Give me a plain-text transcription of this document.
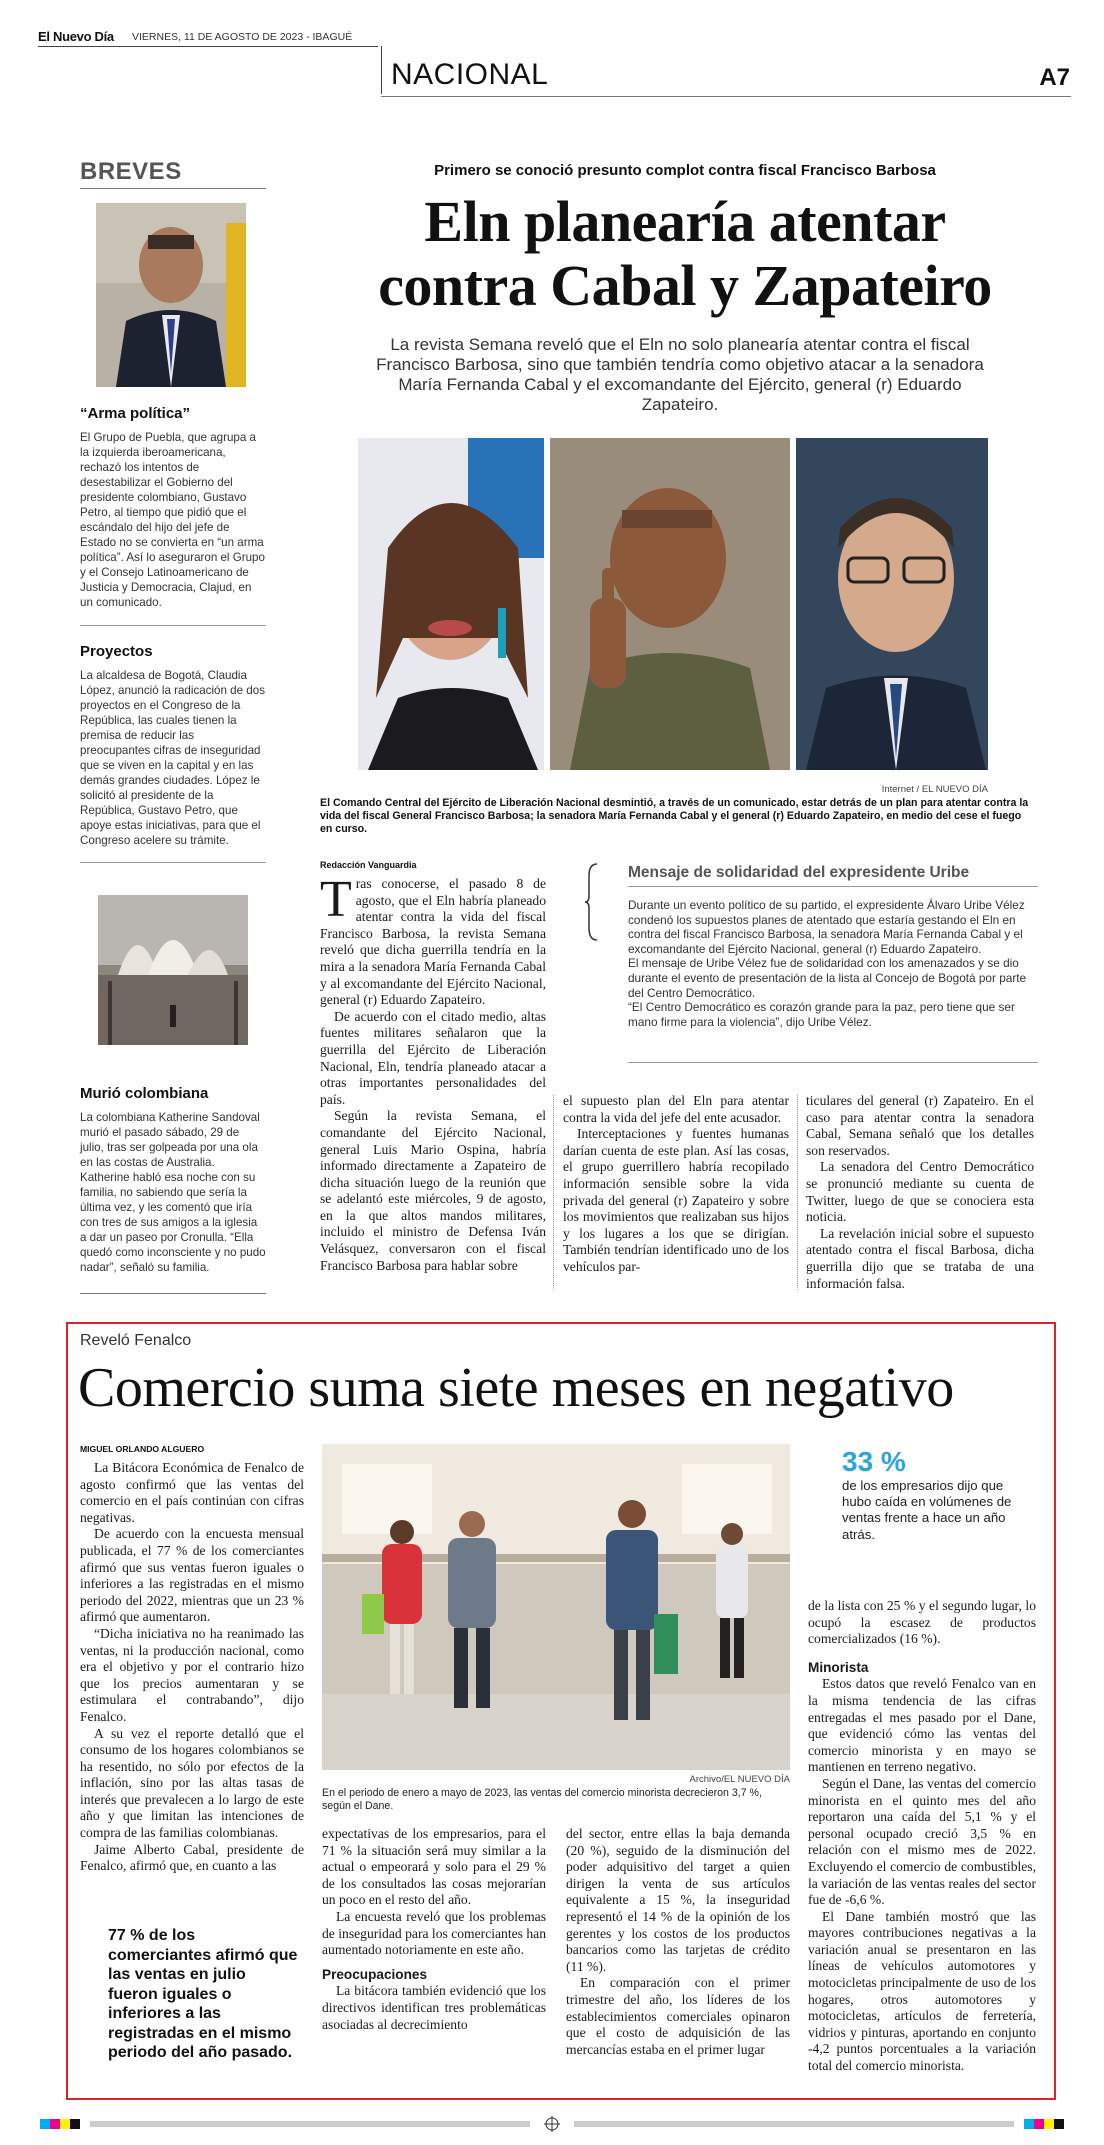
El Nuevo Día VIERNES, 11 DE AGOSTO DE 2023 - IBAGUÉ
NACIONAL	A7
BREVES
“Arma política”
El Grupo de Puebla, que agrupa a la izquierda iberoamericana, rechazó los intentos de desestabilizar el Gobierno del presidente colombiano, Gustavo Petro, al tiempo que pidió que el escándalo del hijo del jefe de Estado no se convierta en “un arma política”. Así lo aseguraron el Grupo y el Consejo Latinoamericano de Justicia y Democracia, Clajud, en un comunicado.
Proyectos
La alcaldesa de Bogotá, Claudia López, anunció la radicación de dos proyectos en el Congreso de la República, las cuales tienen la premisa de reducir las preocupantes cifras de inseguridad que se viven en la capital y en las demás grandes ciudades. López le solicitó al presidente de la República, Gustavo Petro, que apoye estas iniciativas, para que el Congreso acelere su trámite.
Murió colombiana
La colombiana Katherine Sandoval murió el pasado sábado, 29 de julio, tras ser golpeada por una ola en las costas de Australia. Katherine habló esa noche con su familia, no sabiendo que sería la última vez, y les comentó que iría con tres de sus amigos a la iglesia a dar un paseo por Cronulla. “Ella quedó como inconsciente y no pudo nadar”, señaló su familia.
Primero se conoció presunto complot contra fiscal Francisco Barbosa
Eln planearía atentar
contra Cabal y Zapateiro
La revista Semana reveló que el Eln no solo planearía atentar contra el fiscal Francisco Barbosa, sino que también tendría como objetivo atacar a la senadora María Fernanda Cabal y el excomandante del Ejército, general (r) Eduardo Zapateiro.
Internet / EL NUEVO DÍA
El Comando Central del Ejército de Liberación Nacional desmintió, a través de un comunicado, estar detrás de un plan para atentar contra la vida del fiscal General Francisco Barbosa; la senadora María Fernanda Cabal y el general (r) Eduardo Zapateiro, en medio del cese el fuego en curso.
Redacción Vanguardia

Tras conocerse, el pasado 8 de agosto, que el Eln habría planeado atentar contra la vida del fiscal Francisco Barbosa, la revista Semana reveló que dicha guerrilla tendría en la mira a la senadora María Fernanda Cabal y al excomandante del Ejército Nacional, general (r) Eduardo Zapateiro.

De acuerdo con el citado medio, altas fuentes militares señalaron que la guerrilla del Ejército de Liberación Nacional, Eln, tendría planeado atacar a otras importantes personalidades del país.

Según la revista Semana, el comandante del Ejército Nacional, general Luis Mario Ospina, habría informado directamente a Zapateiro de dicha situación luego de la reunión que se adelantó este miércoles, 9 de agosto, en la que altos mandos militares, incluido el ministro de Defensa Iván Velásquez, conversaron con el fiscal Francisco Barbosa para hablar sobre

el supuesto plan del Eln para atentar contra la vida del jefe del ente acusador.

Interceptaciones y fuentes humanas darían cuenta de este plan. Así las cosas, el grupo guerrillero habría recopilado información sensible sobre la vida privada del general (r) Zapateiro y sobre los movimientos que realizaban sus hijos y los lugares a los que se dirigían. También tendrían identificado uno de los vehículos par-

ticulares del general (r) Zapateiro. En el caso para atentar contra la senadora Cabal, Semana señaló que los detalles son reservados.

La senadora del Centro Democrático se pronunció mediante su cuenta de Twitter, luego de que se conociera esta noticia.

La revelación inicial sobre el supuesto atentado contra el fiscal Barbosa, dicha guerrilla dijo que se trataba de una información falsa.

Mensaje de solidaridad del expresidente Uribe

Durante un evento político de su partido, el expresidente Álvaro Uribe Vélez condenó los supuestos planes de atentado que estaría gestando el Eln en contra del fiscal Francisco Barbosa, la senadora María Fernanda Cabal y el excomandante del Ejército Nacional, general (r) Eduardo Zapateiro.

El mensaje de Uribe Vélez fue de solidaridad con los amenazados y se dio durante el evento de presentación de la lista al Concejo de Bogotá por parte del Centro Democrático.

“El Centro Democrático es corazón grande para la paz, pero tiene que ser mano firme para la violencia”, dijo Uribe Vélez.

Reveló Fenalco
Comercio suma siete meses en negativo
MIGUEL ORLANDO ALGUERO

La Bitácora Económica de Fenalco de agosto confirmó que las ventas del comercio en el país continúan con cifras negativas.

De acuerdo con la encuesta mensual publicada, el 77 % de los comerciantes afirmó que sus ventas fueron iguales o inferiores a las registradas en el mismo periodo del 2022, mientras que un 23 % afirmó que aumentaron.

“Dicha iniciativa no ha reanimado las ventas, ni la producción nacional, como era el objetivo y por el contrario hizo que los precios aumentaran y se estimulara el contrabando”, dijo Fenalco.

A su vez el reporte detalló que el consumo de los hogares colombianos se ha resentido, no sólo por efectos de la inflación, sino por las altas tasas de interés que prevalecen a lo largo de este año y que limitan las intenciones de compra de las familias colombianas.

Jaime Alberto Cabal, presidente de Fenalco, afirmó que, en cuanto a las

77 % de los comerciantes afirmó que las ventas en julio fueron iguales o inferiores a las registradas en el mismo periodo del año pasado.
Archivo/EL NUEVO DÍA
En el periodo de enero a mayo de 2023, las ventas del comercio minorista decrecieron 3,7 %, según el Dane.

expectativas de los empresarios, para el 71 % la situación será muy similar a la actual o empeorará y solo para el 29 % de los consultados las cosas mejorarían un poco en el resto del año.

La encuesta reveló que los problemas de inseguridad para los comerciantes han aumentado notoriamente en este año.

Preocupaciones

La bitácora también evidenció que los directivos identifican tres problemáticas asociadas al decrecimiento

del sector, entre ellas la baja demanda (20 %), seguido de la disminución del poder adquisitivo del target a quien dirigen la venta de sus artículos equivalente a 15 %, la inseguridad representó el 14 % de la opinión de los gerentes y los costos de los productos bancarios como las tarjetas de crédito (11 %).

En comparación con el primer trimestre del año, los líderes de los establecimientos comerciales opinaron que el costo de adquisición de las mercancías estaba en el primer lugar

33 %
de los empresarios dijo que hubo caída en volúmenes de ventas frente a hace un año atrás.

de la lista con 25 % y el segundo lugar, lo ocupó la escasez de productos comercializados (16 %).

Minorista

Estos datos que reveló Fenalco van en la misma tendencia de las cifras entregadas el mes pasado por el Dane, que evidenció cómo las ventas del comercio minorista y en mayo se mantienen en terreno negativo.

Según el Dane, las ventas del comercio minorista en el quinto mes del año reportaron una caída del 5,1 % y el personal ocupado creció 3,5 % en relación con el mismo mes de 2022. Excluyendo el comercio de combustibles, la variación de las ventas reales del sector fue de -6,6 %.

El Dane también mostró que las mayores contribuciones negativas a la variación anual se presentaron en las líneas de vehículos automotores y motocicletas principalmente de uso de los hogares, otros automotores y motocicletas, artículos de ferretería, vidrios y pinturas, aportando en conjunto -4,2 puntos porcentuales a la variación total del comercio minorista.
